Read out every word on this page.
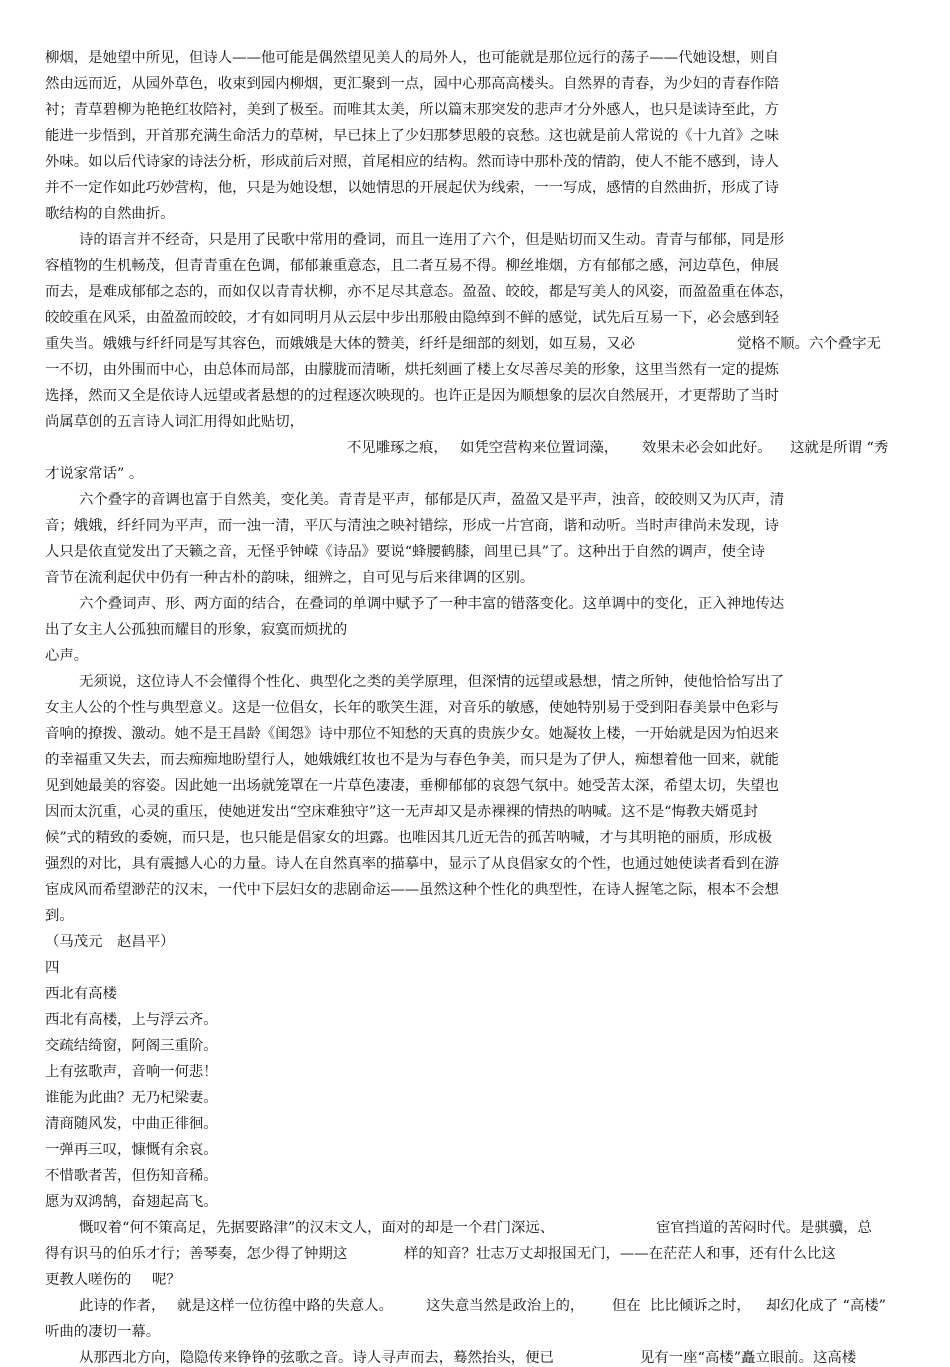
柳烟，是她望中所见，但诗人——他可能是偶然望见美人的局外人，也可能就是那位远行的荡子——代她设想，则自
然由远而近，从园外草色，收束到园内柳烟，更汇聚到一点，园中心那高高楼头。自然界的青春，为少妇的青春作陪
衬；青草碧柳为艳艳红妆陪衬，美到了极至。而唯其太美，所以篇末那突发的悲声才分外感人，也只是读诗至此，方
能进一步悟到，开首那充满生命活力的草树，早已抹上了少妇那梦思般的哀愁。这也就是前人常说的《十九首》之味
外味。如以后代诗家的诗法分析，形成前后对照，首尾相应的结构。然而诗中那朴茂的情韵，使人不能不感到，诗人
并不一定作如此巧妙营构，他，只是为她设想，以她情思的开展起伏为线索，一一写成，感情的自然曲折，形成了诗
歌结构的自然曲折。
诗的语言并不经奇，只是用了民歌中常用的叠词，而且一连用了六个，但是贴切而又生动。青青与郁郁，同是形
容植物的生机畅茂，但青青重在色调，郁郁兼重意态，且二者互易不得。柳丝堆烟，方有郁郁之感，河边草色，伸展
而去，是难成郁郁之态的，而如仅以青青状柳，亦不足尽其意态。盈盈、皎皎，都是写美人的风姿，而盈盈重在体态，
皎皎重在风采，由盈盈而皎皎，才有如同明月从云层中步出那般由隐绰到不鲜的感觉，试先后互易一下，必会感到轻
重失当。娥娥与纤纤同是写其容色，而娥娥是大体的赞美，纤纤是细部的刻划，如互易，又必	觉格不顺。六个叠字无
一不切，由外围而中心，由总体而局部，由朦胧而清晰，烘托刻画了楼上女尽善尽美的形象，这里当然有一定的提炼
选择，然而又全是依诗人远望或者悬想的的过程逐次映现的。也许正是因为顺想象的层次自然展开，才更帮助了当时
尚属草创的五言诗人词汇用得如此贴切，
不见雕琢之痕， 如凭空营构来位置词藻， 效果未必会如此好。 这就是所谓 “秀
才说家常话” 。
六个叠字的音调也富于自然美，变化美。青青是平声，郁郁是仄声，盈盈又是平声，浊音，皎皎则又为仄声，清
音；娥娥，纤纤同为平声，而一浊一清，平仄与清浊之映衬错综，形成一片宫商，谐和动听。当时声律尚未发现，诗
人只是依直觉发出了天籁之音，无怪乎钟嵘《诗品》要说“蜂腰鹤膝，闾里已具”了。这种出于自然的调声，使全诗
音节在流利起伏中仍有一种古朴的韵味，细辨之，自可见与后来律调的区别。
六个叠词声、形、两方面的结合，在叠词的单调中赋予了一种丰富的错落变化。这单调中的变化，正入神地传达
出了女主人公孤独而耀目的形象，寂寞而烦扰的
心声。
无须说，这位诗人不会懂得个性化、典型化之类的美学原理，但深情的远望或悬想，情之所钟，使他恰恰写出了
女主人公的个性与典型意义。这是一位倡女，长年的歌笑生涯，对音乐的敏感，使她特别易于受到阳春美景中色彩与
音响的撩拨、激动。她不是王昌龄《闺怨》诗中那位不知愁的天真的贵族少女。她凝妆上楼，一开始就是因为怕迟来
的幸福重又失去，而去痴痴地盼望行人，她娥娥红妆也不是为与春色争美，而只是为了伊人，痴想着他一回来，就能
见到她最美的容姿。因此她一出场就笼罩在一片草色凄凄，垂柳郁郁的哀怨气氛中。她受苦太深，希望太切，失望也
因而太沉重，心灵的重压，使她迸发出“空床难独守”这一无声却又是赤裸裸的情热的呐喊。这不是“悔教夫婿觅封
候”式的精致的委婉，而只是，也只能是倡家女的坦露。也唯因其几近无告的孤苦呐喊，才与其明艳的丽质，形成极
强烈的对比，具有震撼人心的力量。诗人在自然真率的描摹中，显示了从良倡家女的个性，也通过她使读者看到在游
宦成风而希望渺茫的汉末，一代中下层妇女的悲剧命运——虽然这种个性化的典型性，在诗人握笔之际，根本不会想
到。
（马茂元　赵昌平）
四
西北有高楼
西北有高楼，上与浮云齐。
交疏结绮窗，阿阁三重阶。
上有弦歌声，音响一何悲！
谁能为此曲？无乃杞梁妻。
清商随风发，中曲正徘徊。
一弹再三叹，慷慨有余哀。
不惜歌者苦，但伤知音稀。
愿为双鸿鹄，奋翅起高飞。
慨叹着“何不策高足，先据要路津”的汉末文人，面对的却是一个君门深远、	宦官挡道的苦闷时代。是骐骥，总
得有识马的伯乐才行；善琴奏，怎少得了钟期这	样的知音？壮志万丈却报国无门，——在茫茫人和事，还有什么比这
更教人嗟伤的 呢？
此诗的作者， 就是这样一位彷徨中路的失意人。 这失意当然是政治上的， 但在 比比倾诉之时， 却幻化成了 “高楼”
听曲的凄切一幕。
从那西北方向，隐隐传来铮铮的弦歌之音。诗人寻声而去，蓦然抬头，便已	见有一座“高楼”矗立眼前。这高楼
